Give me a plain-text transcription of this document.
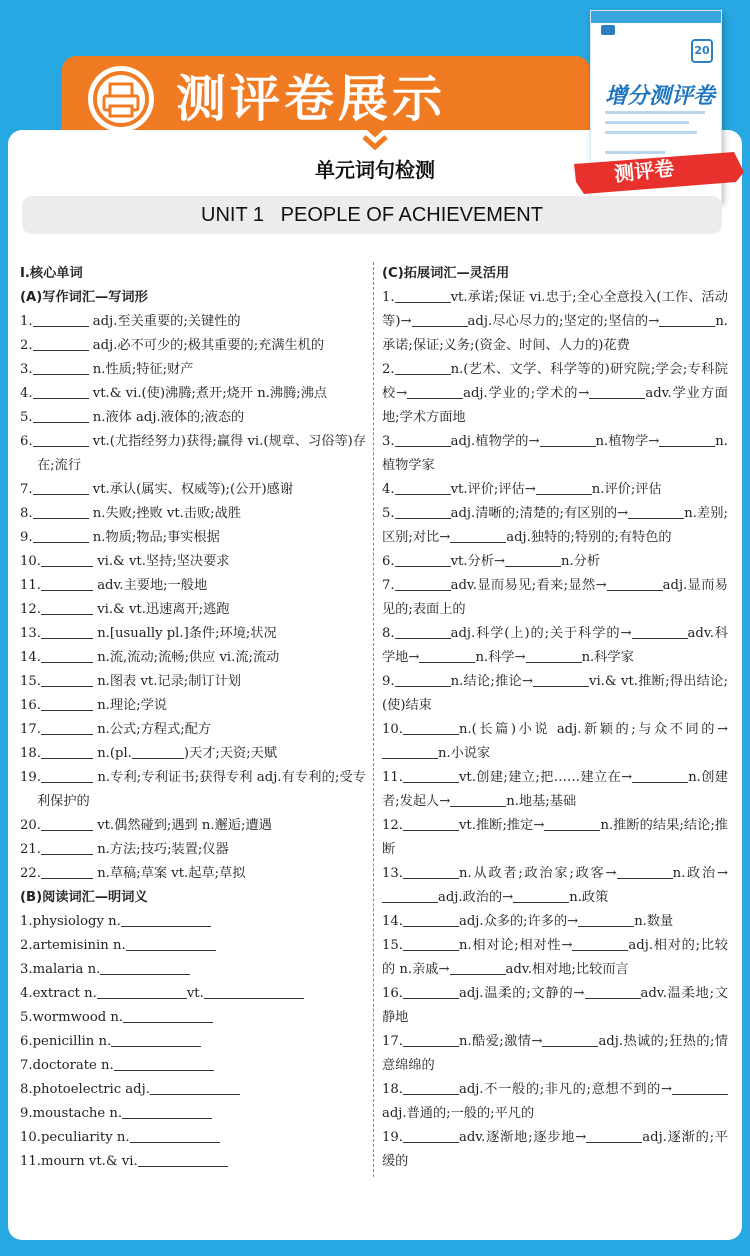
测评卷展示
20
增分测评卷
测评卷
单元词句检测
UNIT 1   PEOPLE OF ACHIEVEMENT
Ⅰ.核心单词
(A)写作词汇—写词形
1.	adj.至关重要的;关键性的
2.	adj.必不可少的;极其重要的;充满生机的
3.	n.性质;特征;财产
4.	vt.& vi.(使)沸腾;煮开;烧开 n.沸腾;沸点
5.	n.液体 adj.液体的;液态的
6.	vt.(尤指经努力)获得;赢得 vi.(规章、习俗等)存在;流行
7.	vt.承认(属实、权威等);(公开)感谢
8.	n.失败;挫败 vt.击败;战胜
9.	n.物质;物品;事实根据
10.	vi.& vt.坚持;坚决要求
11.	adv.主要地;一般地
12.	vi.& vt.迅速离开;逃跑
13.	n.[usually pl.]条件;环境;状况
14.	n.流,流动;流畅;供应 vi.流;流动
15.	n.图表 vt.记录;制订计划
16.	n.理论;学说
17.	n.公式;方程式;配方
18.	n.(pl.	)天才;天资;天赋
19.	n.专利;专利证书;获得专利 adj.有专利的;受专利保护的
20.	vt.偶然碰到;遇到 n.邂逅;遭遇
21.	n.方法;技巧;装置;仪器
22.	n.草稿;草案 vt.起草;草拟
(B)阅读词汇—明词义
1.physiology n.
2.artemisinin n.
3.malaria n.
4.extract n.	vt.
5.wormwood n.
6.penicillin n.
7.doctorate n.
8.photoelectric adj.
9.moustache n.
10.peculiarity n.
11.mourn vt.& vi.
(C)拓展词汇—灵活用
1.	vt.承诺;保证 vi.忠于;全心全意投入(工作、活动等)→	adj.尽心尽力的;坚定的;坚信的→	n.承诺;保证;义务;(资金、时间、人力的)花费
2.	n.(艺术、文学、科学等的)研究院;学会;专科院校→	adj.学业的;学术的→	adv.学业方面地;学术方面地
3.	adj.植物学的→	n.植物学→	n.植物学家
4.	vt.评价;评估→	n.评价;评估
5.	adj.清晰的;清楚的;有区别的→	n.差别;区别;对比→	adj.独特的;特别的;有特色的
6.	vt.分析→	n.分析
7.	adv.显而易见;看来;显然→	adj.显而易见的;表面上的
8.	adj.科学(上)的;关于科学的→	adv.科学地→	n.科学→	n.科学家
9.	n.结论;推论→	vi.& vt.推断;得出结论;(使)结束
10.	n.(长篇)小说 adj.新颖的;与众不同的→n.小说家
11.	vt.创建;建立;把……建立在→	n.创建者;发起人→	n.地基;基础
12.	vt.推断;推定→	n.推断的结果;结论;推断
13.	n.从政者;政治家;政客→	n.政治→adj.政治的→	n.政策
14.	adj.众多的;许多的→	n.数量
15.	n.相对论;相对性→	adj.相对的;比较的 n.亲戚→	adv.相对地;比较而言
16.	adj.温柔的;文静的→	adv.温柔地;文静地
17.	n.酷爱;激情→	adj.热诚的;狂热的;情意绵绵的
18.	adj.不一般的;非凡的;意想不到的→adj.普通的;一般的;平凡的
19.	adv.逐渐地;逐步地→	adj.逐渐的;平缓的
